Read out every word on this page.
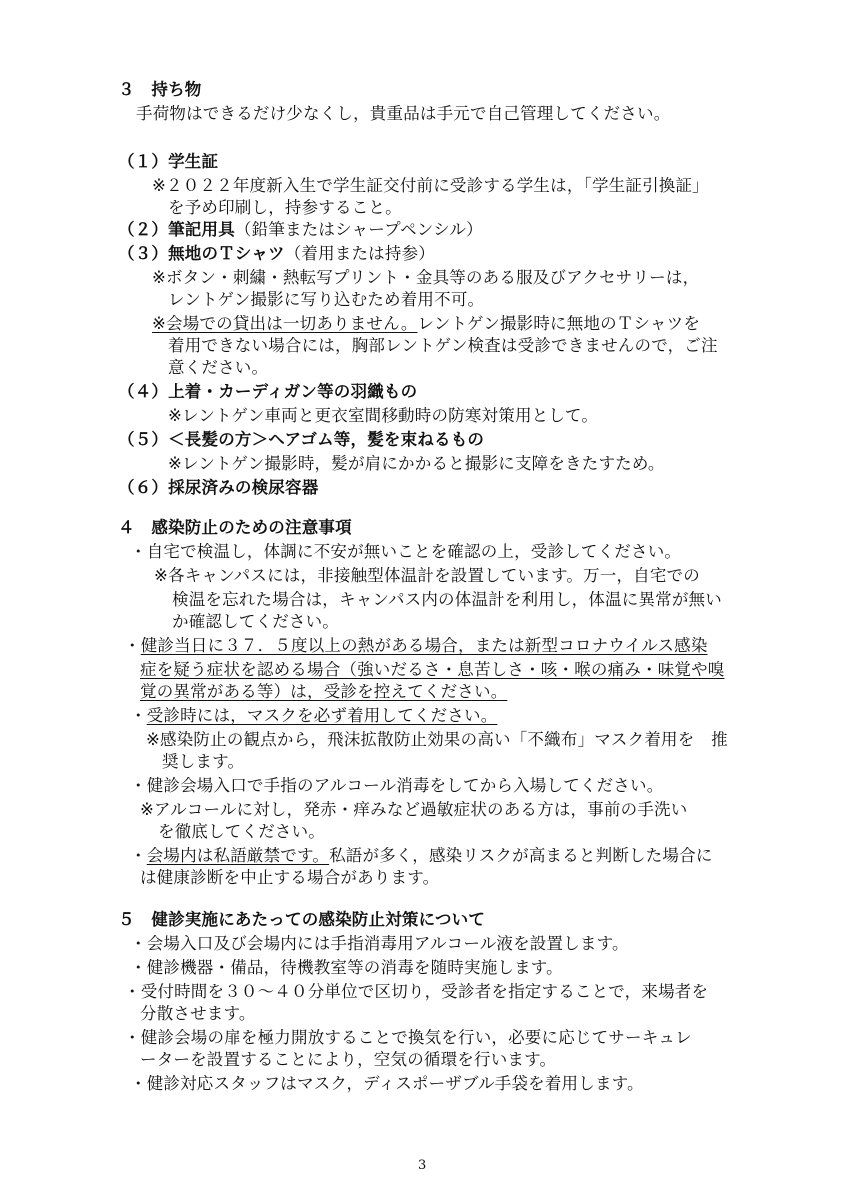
３　持ち物
手荷物はできるだけ少なくし，貴重品は手元で自己管理してください。
（１）学生証
※２０２２年度新入生で学生証交付前に受診する学生は，「学生証引換証」
を予め印刷し，持参すること。
（２）筆記用具（鉛筆またはシャープペンシル）
（３）無地のＴシャツ（着用または持参）
※ボタン・刺繍・熱転写プリント・金具等のある服及びアクセサリーは，
レントゲン撮影に写り込むため着用不可。
※会場での貸出は一切ありません。レントゲン撮影時に無地のＴシャツを
着用できない場合には，胸部レントゲン検査は受診できませんので，ご注
意ください。
（４）上着・カーディガン等の羽織もの
※レントゲン車両と更衣室間移動時の防寒対策用として。
（５）＜長髪の方＞ヘアゴム等，髪を束ねるもの
※レントゲン撮影時，髪が肩にかかると撮影に支障をきたすため。
（６）採尿済みの検尿容器
４　感染防止のための注意事項
・自宅で検温し，体調に不安が無いことを確認の上，受診してください。
※各キャンパスには，非接触型体温計を設置しています。万一，自宅での
検温を忘れた場合は，キャンパス内の体温計を利用し，体温に異常が無い
か確認してください。
・健診当日に３７．５度以上の熱がある場合，または新型コロナウイルス感染
症を疑う症状を認める場合（強いだるさ・息苦しさ・咳・喉の痛み・味覚や嗅
覚の異常がある等）は，受診を控えてください。
・受診時には，マスクを必ず着用してください。
※感染防止の観点から，飛沫拡散防止効果の高い「不織布」マスク着用を　推
奨します。
・健診会場入口で手指のアルコール消毒をしてから入場してください。
※アルコールに対し，発赤・痒みなど過敏症状のある方は，事前の手洗い
を徹底してください。
・会場内は私語厳禁です。私語が多く，感染リスクが高まると判断した場合に
は健康診断を中止する場合があります。
５　健診実施にあたっての感染防止対策について
・会場入口及び会場内には手指消毒用アルコール液を設置します。
・健診機器・備品，待機教室等の消毒を随時実施します。
・受付時間を３０～４０分単位で区切り，受診者を指定することで，来場者を
分散させます。
・健診会場の扉を極力開放することで換気を行い，必要に応じてサーキュレ
ーターを設置することにより，空気の循環を行います。
・健診対応スタッフはマスク，ディスポーザブル手袋を着用します。
3
